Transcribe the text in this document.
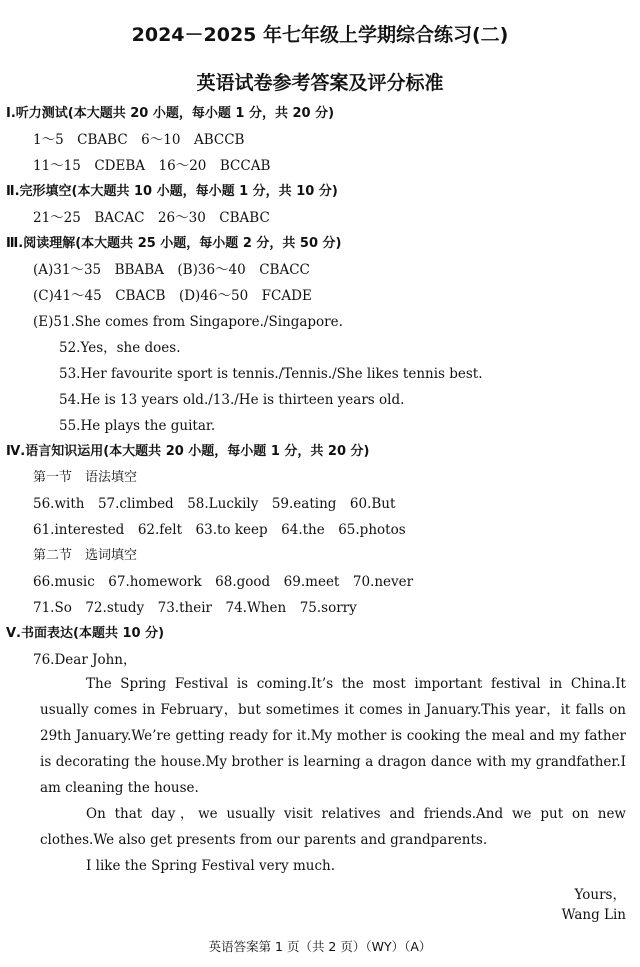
2024－2025 年七年级上学期综合练习(二)
英语试卷参考答案及评分标准
Ⅰ.听力测试(本大题共 20 小题，每小题 1 分，共 20 分)
1～5　CBABC　6～10　ABCCB
11～15　CDEBA　16～20　BCCAB
Ⅱ.完形填空(本大题共 10 小题，每小题 1 分，共 10 分)
21～25　BACAC　26～30　CBABC
Ⅲ.阅读理解(本大题共 25 小题，每小题 2 分，共 50 分)
(A)31～35　BBABA　(B)36～40　CBACC
(C)41～45　CBACB　(D)46～50　FCADE
(E)51.She comes from Singapore./Singapore.
52.Yes，she does.
53.Her favourite sport is tennis./Tennis./She likes tennis best.
54.He is 13 years old./13./He is thirteen years old.
55.He plays the guitar.
Ⅳ.语言知识运用(本大题共 20 小题，每小题 1 分，共 20 分)
第一节　语法填空
56.with　57.climbed　58.Luckily　59.eating　60.But
61.interested　62.felt　63.to keep　64.the　65.photos
第二节　选词填空
66.music　67.homework　68.good　69.meet　70.never
71.So　72.study　73.their　74.When　75.sorry
Ⅴ.书面表达(本题共 10 分)
76.Dear John，

The Spring Festival is coming.It’s the most important festival in China.It usually comes in February，but sometimes it comes in January.This year，it falls on 29th January.We’re getting ready for it.My mother is cooking the meal and my father is decorating the house.My brother is learning a dragon dance with my grandfather.I am cleaning the house.

On that day，we usually visit relatives and friends.And we put on new clothes.We also get presents from our parents and grandparents.

I like the Spring Festival very much.

Yours，
Wang Lin
英语答案第 1 页（共 2 页）（WY）（A）
